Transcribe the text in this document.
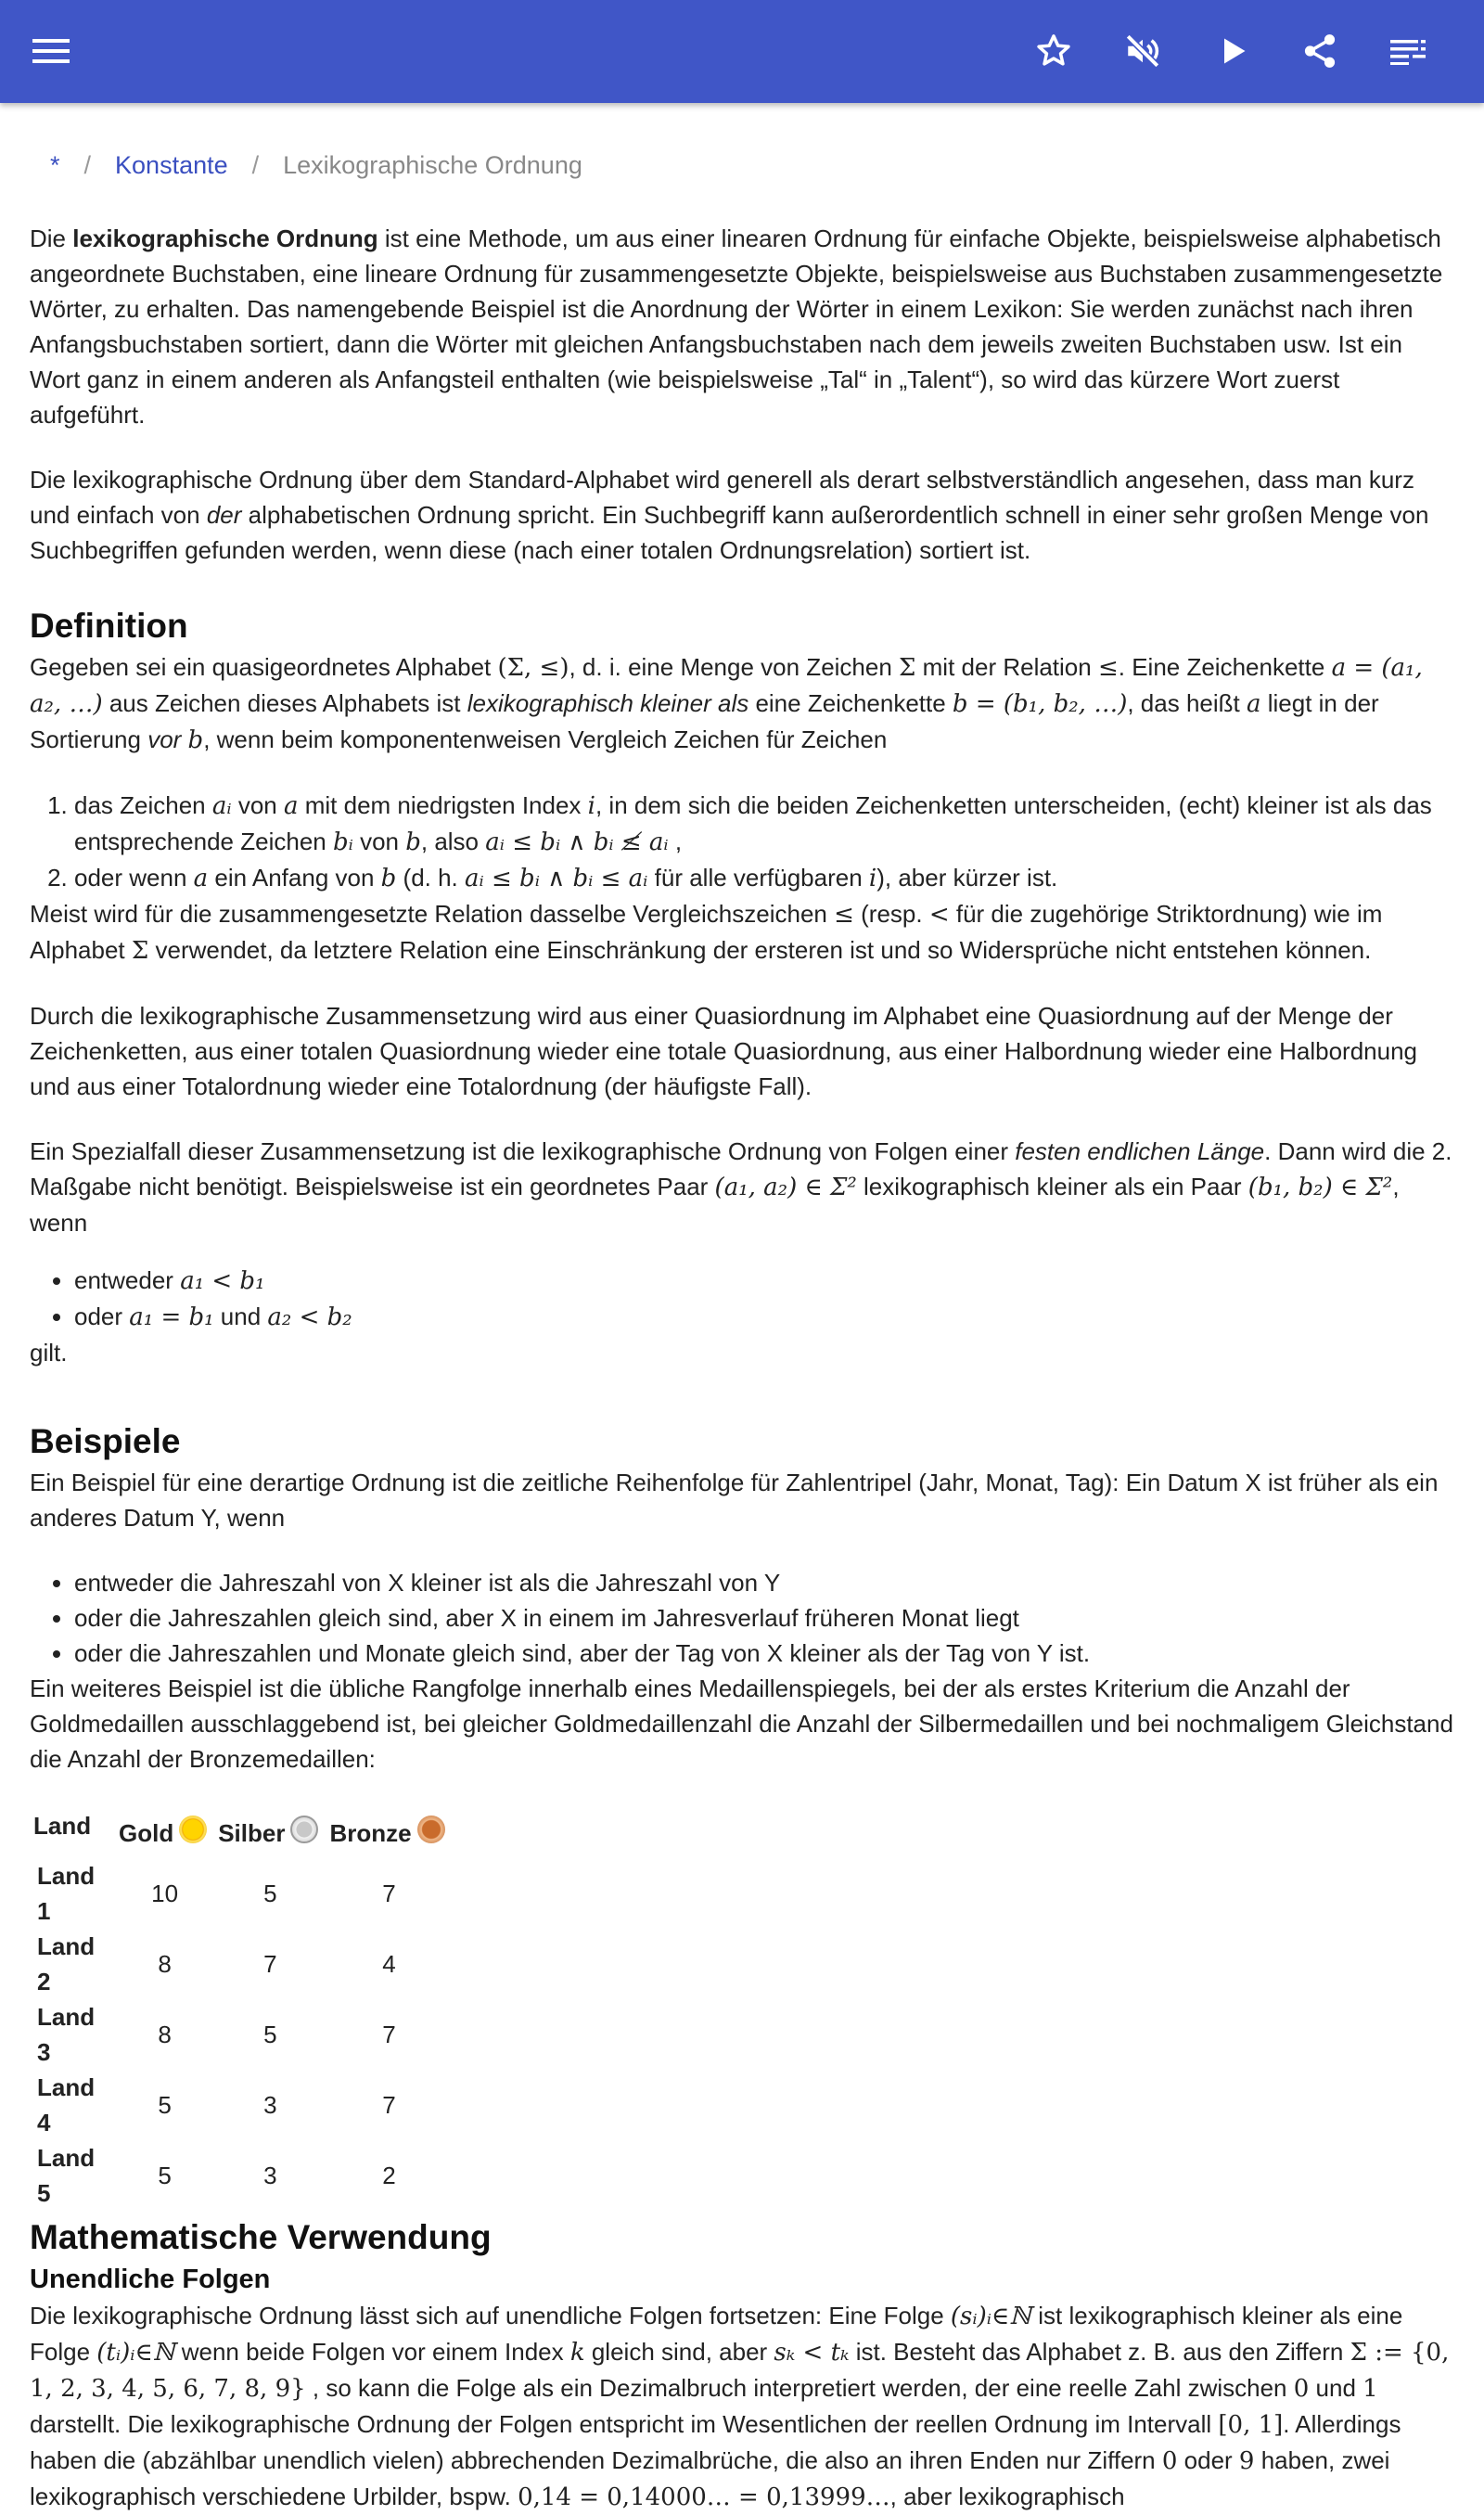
* / Konstante / Lexikographische Ordnung

Die lexikographische Ordnung ist eine Methode, um aus einer linearen Ordnung für einfache Objekte, beispielsweise alphabetisch angeordnete Buchstaben, eine lineare Ordnung für zusammengesetzte Objekte, beispielsweise aus Buchstaben zusammengesetzte Wörter, zu erhalten. Das namengebende Beispiel ist die Anordnung der Wörter in einem Lexikon: Sie werden zunächst nach ihren Anfangsbuchstaben sortiert, dann die Wörter mit gleichen Anfangsbuchstaben nach dem jeweils zweiten Buchstaben usw. Ist ein Wort ganz in einem anderen als Anfangsteil enthalten (wie beispielsweise „Tal“ in „Talent“), so wird das kürzere Wort zuerst aufgeführt.

Die lexikographische Ordnung über dem Standard-Alphabet wird generell als derart selbstverständlich angesehen, dass man kurz und einfach von der alphabetischen Ordnung spricht. Ein Suchbegriff kann außerordentlich schnell in einer sehr großen Menge von Suchbegriffen gefunden werden, wenn diese (nach einer totalen Ordnungsrelation) sortiert ist.

Definition
Gegeben sei ein quasigeordnetes Alphabet (Σ, ≤), d. i. eine Menge von Zeichen Σ mit der Relation ≤. Eine Zeichenkette a = (a₁, a₂, …) aus Zeichen dieses Alphabets ist lexikographisch kleiner als eine Zeichenkette b = (b₁, b₂, …), das heißt a liegt in der Sortierung vor b, wenn beim komponentenweisen Vergleich Zeichen für Zeichen
1. das Zeichen aᵢ von a mit dem niedrigsten Index i, in dem sich die beiden Zeichenketten unterscheiden, (echt) kleiner ist als das entsprechende Zeichen bᵢ von b, also aᵢ ≤ bᵢ ∧ bᵢ ≰ aᵢ ,
2. oder wenn a ein Anfang von b (d. h. aᵢ ≤ bᵢ ∧ bᵢ ≤ aᵢ für alle verfügbaren i), aber kürzer ist.

Meist wird für die zusammengesetzte Relation dasselbe Vergleichszeichen ≤ (resp. < für die zugehörige Striktordnung) wie im Alphabet Σ verwendet, da letztere Relation eine Einschränkung der ersteren ist und so Widersprüche nicht entstehen können.

Durch die lexikographische Zusammensetzung wird aus einer Quasiordnung im Alphabet eine Quasiordnung auf der Menge der Zeichenketten, aus einer totalen Quasiordnung wieder eine totale Quasiordnung, aus einer Halbordnung wieder eine Halbordnung und aus einer Totalordnung wieder eine Totalordnung (der häufigste Fall).

Ein Spezialfall dieser Zusammensetzung ist die lexikographische Ordnung von Folgen einer festen endlichen Länge. Dann wird die 2. Maßgabe nicht benötigt. Beispielsweise ist ein geordnetes Paar (a₁, a₂) ∈ Σ² lexikographisch kleiner als ein Paar (b₁, b₂) ∈ Σ², wenn

• entweder a₁ < b₁
• oder a₁ = b₁ und a₂ < b₂
gilt.
Beispiele

Ein Beispiel für eine derartige Ordnung ist die zeitliche Reihenfolge für Zahlentripel (Jahr, Monat, Tag): Ein Datum X ist früher als ein anderes Datum Y, wenn

• entweder die Jahreszahl von X kleiner ist als die Jahreszahl von Y
• oder die Jahreszahlen gleich sind, aber X in einem im Jahresverlauf früheren Monat liegt
• oder die Jahreszahlen und Monate gleich sind, aber der Tag von X kleiner als der Tag von Y ist.
Ein weiteres Beispiel ist die übliche Rangfolge innerhalb eines Medaillenspiegels, bei der als erstes Kriterium die Anzahl der Goldmedaillen ausschlaggebend ist, bei gleicher Goldmedaillenzahl die Anzahl der Silbermedaillen und bei nochmaligem Gleichstand die Anzahl der Bronzemedaillen:
Land	Gold	Silber	Bronze
Land 1	10	5	7
Land 2	8	7	4
Land 3	8	5	7
Land 4	5	3	7
Land 5	5	3	2
Mathematische Verwendung
Unendliche Folgen
Die lexikographische Ordnung lässt sich auf unendliche Folgen fortsetzen: Eine Folge (sᵢ)ᵢ∈ℕ ist lexikographisch kleiner als eine Folge (tᵢ)ᵢ∈ℕ wenn beide Folgen vor einem Index k gleich sind, aber sₖ < tₖ ist. Besteht das Alphabet z. B. aus den Ziffern Σ := {0, 1, 2, 3, 4, 5, 6, 7, 8, 9} , so kann die Folge als ein Dezimalbruch interpretiert werden, der eine reelle Zahl zwischen 0 und 1 darstellt. Die lexikographische Ordnung der Folgen entspricht im Wesentlichen der reellen Ordnung im Intervall [0, 1]. Allerdings haben die (abzählbar unendlich vielen) abbrechenden Dezimalbrüche, die also an ihren Enden nur Ziffern 0 oder 9 haben, zwei lexikographisch verschiedene Urbilder, bspw. 0,14 = 0,14000… = 0,13999…, aber lexikographisch
